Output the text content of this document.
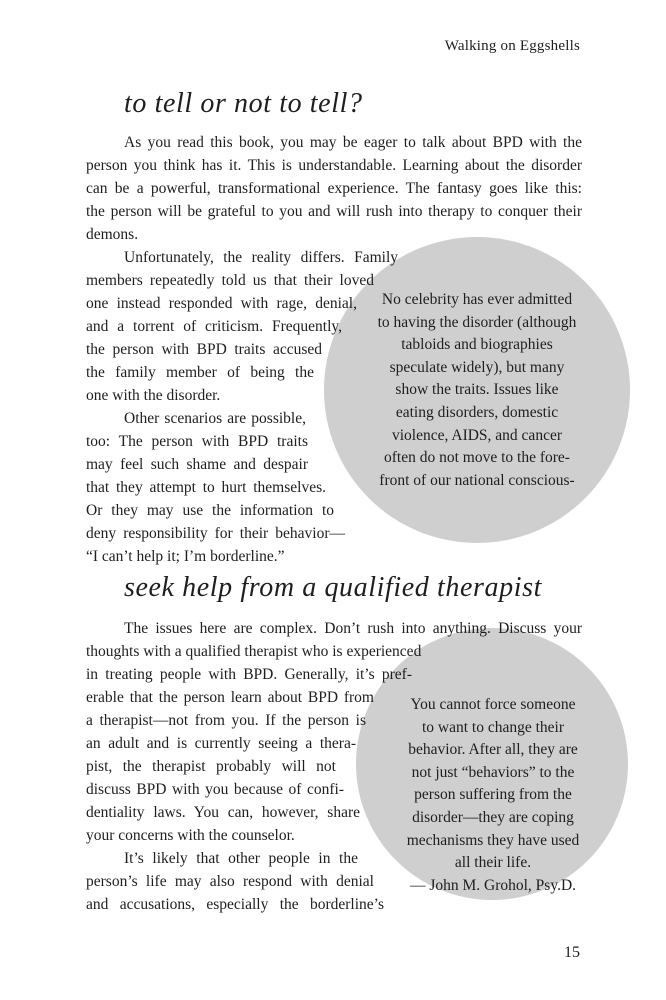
Walking on Eggshells
to tell or not to tell?
No celebrity has ever admitted
to having the disorder (although
tabloids and biographies
speculate widely), but many
show the traits. Issues like
eating disorders, domestic
violence, AIDS, and cancer
often do not move to the fore-
front of our national conscious-
As you read this book, you may be eager to talk about BPD with the
person you think has it. This is understandable. Learning about the disorder
can be a powerful, transformational experience. The fantasy goes like this:
the person will be grateful to you and will rush into therapy to conquer their
demons.
Unfortunately, the reality differs. Family
members repeatedly told us that their loved
one instead responded with rage, denial,
and a torrent of criticism. Frequently,
the person with BPD traits accused
the family member of being the
one with the disorder.
Other scenarios are possible,
too: The person with BPD traits
may feel such shame and despair
that they attempt to hurt themselves.
Or they may use the information to
deny responsibility for their behavior—
“I can’t help it; I’m borderline.”
seek help from a qualified therapist
You cannot force someone
to want to change their
behavior. After all, they are
not just “behaviors” to the
person suffering from the
disorder—they are coping
mechanisms they have used
all their life.
— John M. Grohol, Psy.D.
The issues here are complex. Don’t rush into anything. Discuss your
thoughts with a qualified therapist who is experienced
in treating people with BPD. Generally, it’s pref-
erable that the person learn about BPD from
a therapist—not from you. If the person is
an adult and is currently seeing a thera-
pist, the therapist probably will not
discuss BPD with you because of confi-
dentiality laws. You can, however, share
your concerns with the counselor.
It’s likely that other people in the
person’s life may also respond with denial
and accusations, especially the borderline’s
15
